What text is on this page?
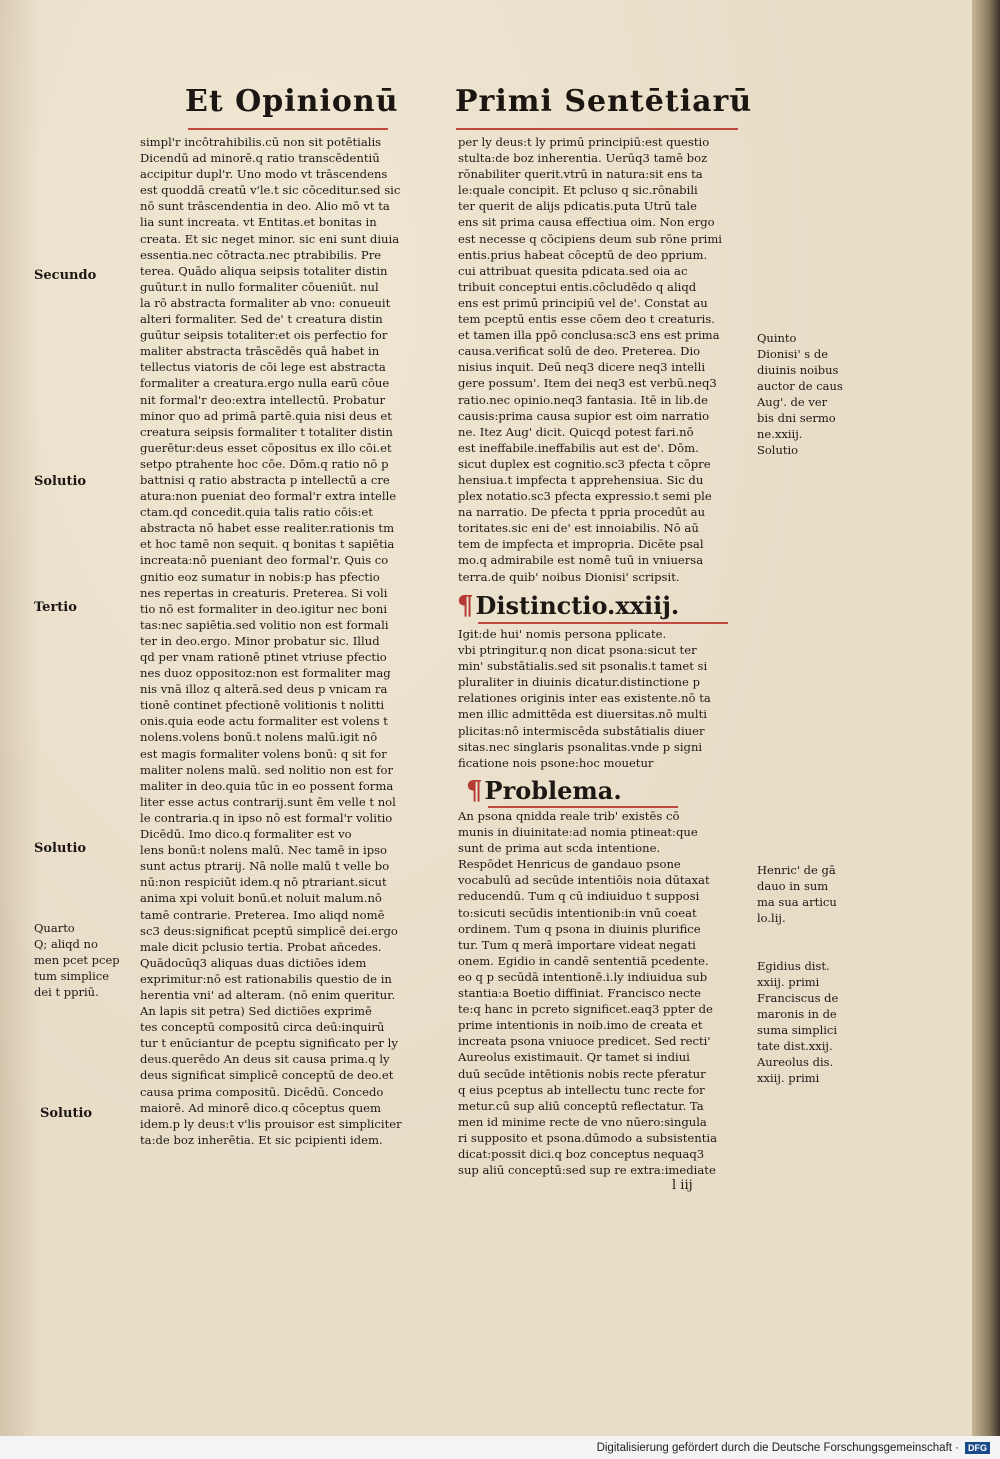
Et Opinionū Primi Sentētiarū
simpl'r incōtrahibilis.cū non sit potētialis
Dicendū ad minorē.q ratio transcēdentiū
accipitur dupl'r. Uno modo vt trāscendens
est quoddā creatū v'le.t sic cōceditur.sed sic
nō sunt trāscendentia in deo. Alio mō vt ta
lia sunt increata. vt Entitas.et bonitas in
creata. Et sic neget minor. sic eni sunt diuia
essentia.nec cōtracta.nec ptrabibilis. Pre
terea. Quādo aliqua seipsis totaliter distin
guūtur.t in nullo formaliter cōueniūt. nul
la rō abstracta formaliter ab vno: conueuit
alteri formaliter. Sed de' t creatura distin
guūtur seipsis totaliter:et ois perfectio for
maliter abstracta trāscēdēs quā habet in
tellectus viatoris de cōi lege est abstracta
formaliter a creatura.ergo nulla earū cōue
nit formal'r deo:extra intellectū. Probatur
minor quo ad primā partē.quia nisi deus et
creatura seipsis formaliter t totaliter distin
guerētur:deus esset cōpositus ex illo cōi.et
setpo ptrahente hoc cōe. Dōm.q ratio nō p
battnisi q ratio abstracta p intellectū a cre
atura:non pueniat deo formal'r extra intelle
ctam.qd concedit.quia talis ratio cōis:et
abstracta nō habet esse realiter.rationis tm
et hoc tamē non sequit. q bonitas t sapiētia
increata:nō pueniant deo formal'r. Quis co
gnitio eoz sumatur in nobis:p has pfectio
nes repertas in creaturis. Preterea. Si voli
tio nō est formaliter in deo.igitur nec boni
tas:nec sapiētia.sed volitio non est formali
ter in deo.ergo. Minor probatur sic. Illud
qd per vnam rationē ptinet vtriuse pfectio
nes duoz oppositoz:non est formaliter mag
nis vnā illoz q alterā.sed deus p vnicam ra
tionē continet pfectionē volitionis t nolitti
onis.quia eode actu formaliter est volens t
nolens.volens bonū.t nolens malū.igit nō
est magis formaliter volens bonū: q sit for
maliter nolens malū. sed nolitio non est for
maliter in deo.quia tūc in eo possent forma
liter esse actus contrarij.sunt ēm velle t nol
le contraria.q in ipso nō est formal'r volitio
Dicēdū. Imo dico.q formaliter est vo
lens bonū:t nolens malū. Nec tamē in ipso
sunt actus ptrarij. Nā nolle malū t velle bo
nū:non respiciūt idem.q nō ptrariant.sicut
anima xpi voluit bonū.et noluit malum.nō
tamē contrarie. Preterea. Imo aliqd nomē
sc3 deus:significat pceptū simplicē dei.ergo
male dicit pclusio tertia. Probat añcedes.
Quādocūq3 aliquas duas dictiōes idem
exprimitur:nō est rationabilis questio de in
herentia vni' ad alteram. (nō enim queritur.
An lapis sit petra) Sed dictiōes exprimē
tes conceptū compositū circa deū:inquirū
tur t enūciantur de pceptu significato per ly
deus.querēdo An deus sit causa prima.q ly
deus significat simplicē conceptū de deo.et
causa prima compositū. Dicēdū. Concedo
maiorē. Ad minorē dico.q cōceptus quem
idem.p ly deus:t v'lis prouisor est simpliciter
ta:de boz inherētia. Et sic pcipienti idem.
per ly deus:t ly primū principiū:est questio
stulta:de boz inherentia. Uerūq3 tamē boz
rōnabiliter querit.vtrū in natura:sit ens ta
le:quale concipit. Et pcluso q sic.rōnabili
ter querit de alijs pdicatis.puta Utrū tale
ens sit prima causa effectiua oim. Non ergo
est necesse q cōcipiens deum sub rōne primi
entis.prius habeat cōceptū de deo pprium.
cui attribuat quesita pdicata.sed oia ac
tribuit conceptui entis.cōcludēdo q aliqd
ens est primū principiū vel de'. Constat au
tem pceptū entis esse cōem deo t creaturis.
et tamen illa ppō conclusa:sc3 ens est prima
causa.verificat solū de deo. Preterea. Dio
nisius inquit. Deū neq3 dicere neq3 intelli
gere possum'. Item dei neq3 est verbū.neq3
ratio.nec opinio.neq3 fantasia. Itē in lib.de
causis:prima causa supior est oim narratio
ne. Itez Aug' dicit. Quicqd potest fari.nō
est ineffabile.ineffabilis aut est de'. Dōm.
sicut duplex est cognitio.sc3 pfecta t cōpre
hensiua.t impfecta t apprehensiua. Sic du
plex notatio.sc3 pfecta expressio.t semi ple
na narratio. De pfecta t ppria procedūt au
toritates.sic eni de' est innoiabilis. Nō aū
tem de impfecta et impropria. Dicēte psal
mo.q admirabile est nomē tuū in vniuersa
terra.de quib' noibus Dionisi' scripsit.
¶Distinctio.xxiij.
Igit:de hui' nomis persona pplicate.
vbi ptringitur.q non dicat psona:sicut ter
min' substātialis.sed sit psonalis.t tamet si
pluraliter in diuinis dicatur.distinctione p
relationes originis inter eas existente.nō ta
men illic admittēda est diuersitas.nō multi
plicitas:nō intermiscēda substātialis diuer
sitas.nec singlaris psonalitas.vnde p signi
ficatione nois psone:hoc mouetur
¶Problema.
An psona qnidda reale trib' existēs cō
munis in diuinitate:ad nomia ptineat:que
sunt de prima aut scda intentione.
Respōdet Henricus de gandauo psone
vocabulū ad secūde intentiōis noia dūtaxat
reducendū. Tum q cū indiuiduo t supposi
to:sicuti secūdis intentionib:in vnū coeat
ordinem. Tum q psona in diuinis plurifice
tur. Tum q merā importare videat negati
onem. Egidio in candē sententiā pcedente.
eo q p secūdā intentionē.i.ly indiuidua sub
stantia:a Boetio diffiniat. Francisco necte
te:q hanc in pcreto significet.eaq3 ppter de
prime intentionis in noib.imo de creata et
increata psona vniuoce predicet. Sed recti'
Aureolus existimauit. Qr tamet si indiui
duū secūde intētionis nobis recte pferatur
q eius pceptus ab intellectu tunc recte for
metur.cū sup aliū conceptū reflectatur. Ta
men id minime recte de vno nūero:singula
ri supposito et psona.dūmodo a subsistentia
dicat:possit dici.q boz conceptus nequaq3
sup aliū conceptū:sed sup re extra:imediate
Secundo
Solutio
Tertio
Solutio
Quarto
Q; aliqd no
men pcet pcep
tum simplice
dei t ppriū.
Solutio
Quinto
Dionisi' s de
diuinis noibus
auctor de caus
Aug'. de ver
bis dni sermo
ne.xxiij.
Solutio
Henric' de gā
dauo in sum
ma sua articu
lo.lij.
Egidius dist.
xxiij. primi
Franciscus de
maronis in de
suma simplici
tate dist.xxij.
Aureolus dis.
xxiij. primi
l iij
Digitalisierung gefördert durch die Deutsche Forschungsgemeinschaft ·	DFG
